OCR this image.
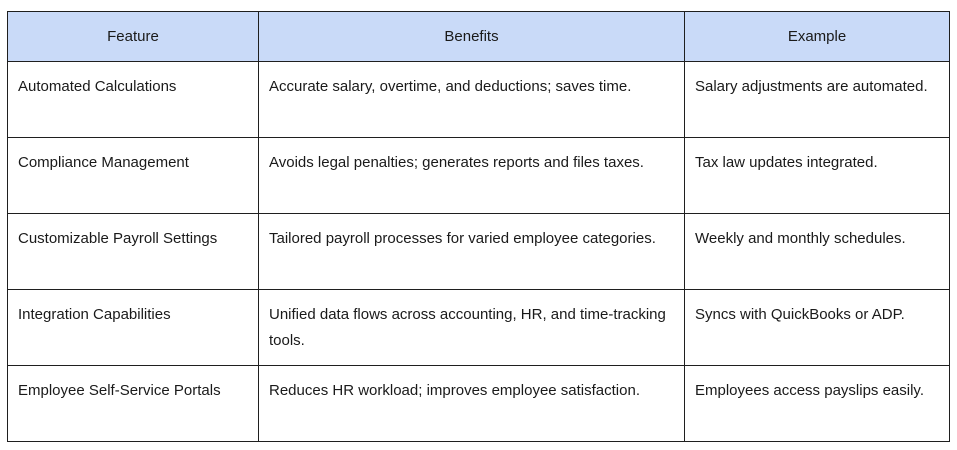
Feature	Benefits	Example
Automated Calculations	Accurate salary, overtime, and deductions; saves time.	Salary adjustments are automated.
Compliance Management	Avoids legal penalties; generates reports and files taxes.	Tax law updates integrated.
Customizable Payroll Settings	Tailored payroll processes for varied employee categories.	Weekly and monthly schedules.
Integration Capabilities	Unified data flows across accounting, HR, and time-tracking tools.	Syncs with QuickBooks or ADP.
Employee Self-Service Portals	Reduces HR workload; improves employee satisfaction.	Employees access payslips easily.
